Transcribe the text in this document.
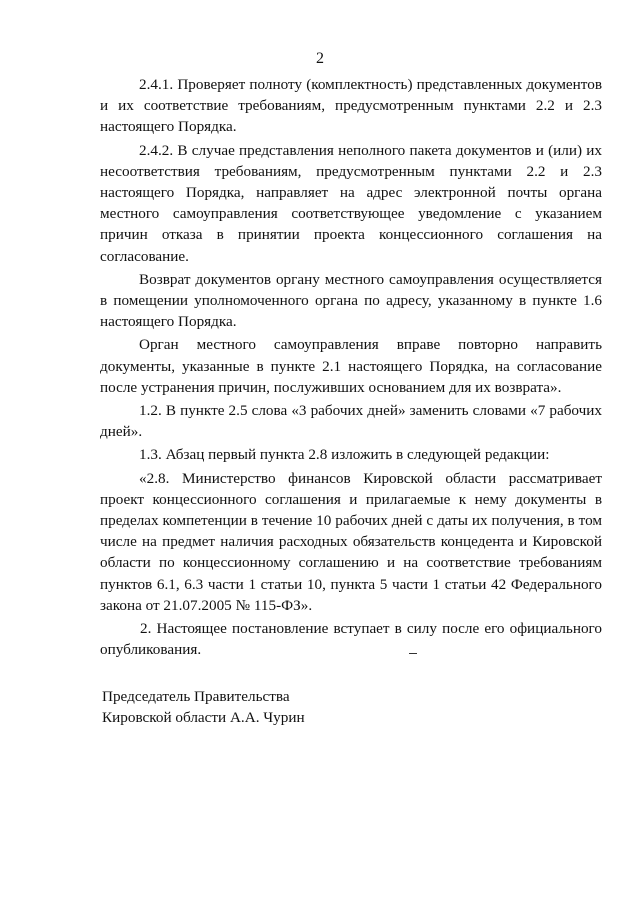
2

2.4.1. Проверяет полноту (комплектность) представленных документов и их соответствие требованиям, предусмотренным пунктами 2.2 и 2.3 настоящего Порядка.

2.4.2. В случае представления неполного пакета документов и (или) их несоответствия требованиям, предусмотренным пунктами 2.2 и 2.3 настоящего Порядка, направляет на адрес электронной почты органа местного самоуправления соответствующее уведомление с указанием причин отказа в принятии проекта концессионного соглашения на согласование.

Возврат документов органу местного самоуправления осуществляется в помещении уполномоченного органа по адресу, указанному в пункте 1.6 настоящего Порядка.

Орган местного самоуправления вправе повторно направить документы, указанные в пункте 2.1 настоящего Порядка, на согласование после устранения причин, послуживших основанием для их возврата».

1.2. В пункте 2.5 слова «3 рабочих дней» заменить словами «7 рабочих дней».

1.3. Абзац первый пункта 2.8 изложить в следующей редакции:

«2.8. Министерство финансов Кировской области рассматривает проект концессионного соглашения и прилагаемые к нему документы в пределах компетенции в течение 10 рабочих дней с даты их получения, в том числе на предмет наличия расходных обязательств концедента и Кировской области по концессионному соглашению и на соответствие требованиям пунктов 6.1, 6.3 части 1 статьи 10, пункта 5 части 1 статьи 42 Федерального закона от 21.07.2005 № 115-ФЗ».

2. Настоящее постановление вступает в силу после его официального опубликования.

Председатель Правительства
Кировской области А.А. Чурин
